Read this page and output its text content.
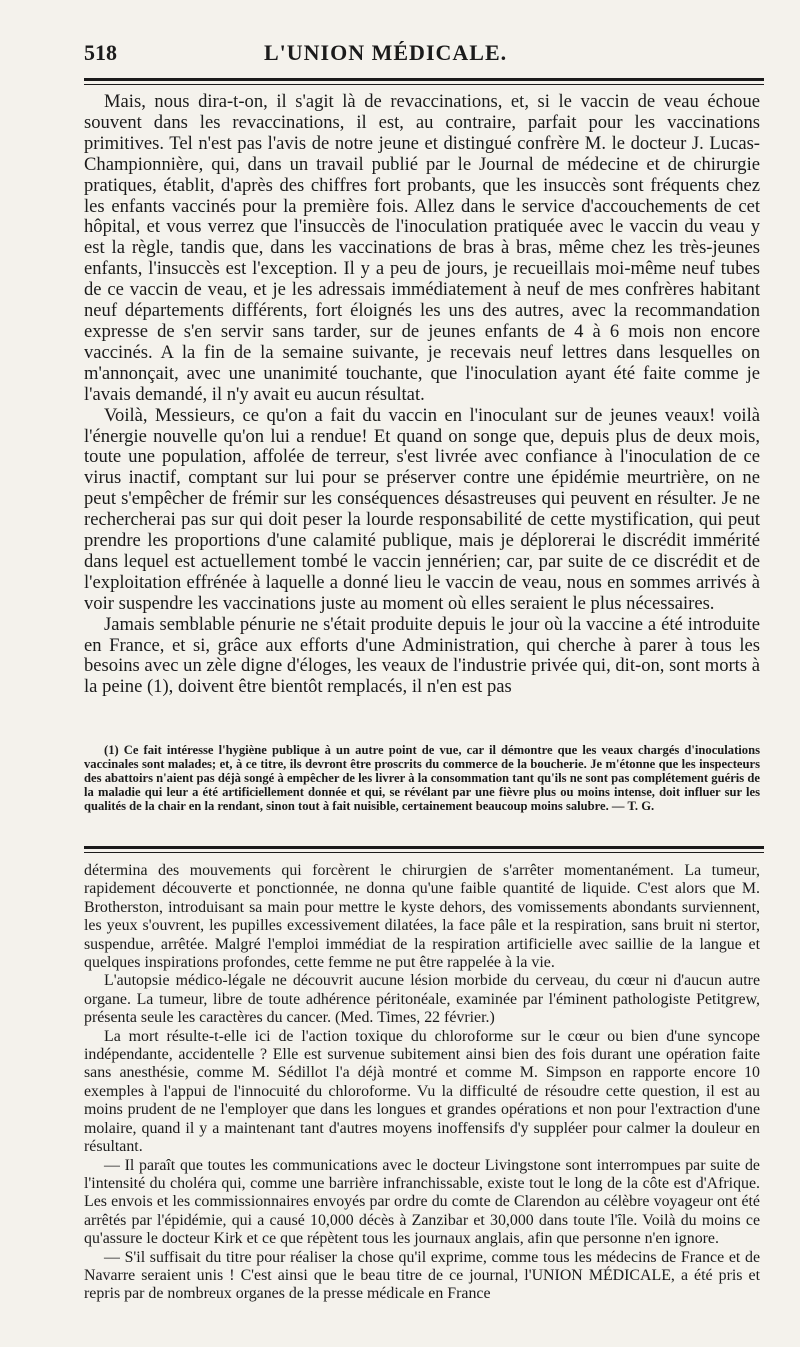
518	L'UNION MÉDICALE.

Mais, nous dira-t-on, il s'agit là de revaccinations, et, si le vaccin de veau échoue souvent dans les revaccinations, il est, au contraire, parfait pour les vaccinations primitives. Tel n'est pas l'avis de notre jeune et distingué confrère M. le docteur J. Lucas-Championnière, qui, dans un travail publié par le Journal de médecine et de chirurgie pratiques, établit, d'après des chiffres fort probants, que les insuccès sont fréquents chez les enfants vaccinés pour la première fois. Allez dans le service d'accouchements de cet hôpital, et vous verrez que l'insuccès de l'inoculation pratiquée avec le vaccin du veau y est la règle, tandis que, dans les vaccinations de bras à bras, même chez les très-jeunes enfants, l'insuccès est l'exception. Il y a peu de jours, je recueillais moi-même neuf tubes de ce vaccin de veau, et je les adressais immédiatement à neuf de mes confrères habitant neuf départements différents, fort éloignés les uns des autres, avec la recommandation expresse de s'en servir sans tarder, sur de jeunes enfants de 4 à 6 mois non encore vaccinés. A la fin de la semaine suivante, je recevais neuf lettres dans lesquelles on m'annonçait, avec une unanimité touchante, que l'inoculation ayant été faite comme je l'avais demandé, il n'y avait eu aucun résultat.

Voilà, Messieurs, ce qu'on a fait du vaccin en l'inoculant sur de jeunes veaux! voilà l'énergie nouvelle qu'on lui a rendue! Et quand on songe que, depuis plus de deux mois, toute une population, affolée de terreur, s'est livrée avec confiance à l'inoculation de ce virus inactif, comptant sur lui pour se préserver contre une épidémie meurtrière, on ne peut s'empêcher de frémir sur les conséquences désastreuses qui peuvent en résulter. Je ne rechercherai pas sur qui doit peser la lourde responsabilité de cette mystification, qui peut prendre les proportions d'une calamité publique, mais je déplorerai le discrédit immérité dans lequel est actuellement tombé le vaccin jennérien; car, par suite de ce discrédit et de l'exploitation effrénée à laquelle a donné lieu le vaccin de veau, nous en sommes arrivés à voir suspendre les vaccinations juste au moment où elles seraient le plus nécessaires.

Jamais semblable pénurie ne s'était produite depuis le jour où la vaccine a été introduite en France, et si, grâce aux efforts d'une Administration, qui cherche à parer à tous les besoins avec un zèle digne d'éloges, les veaux de l'industrie privée qui, dit-on, sont morts à la peine (1), doivent être bientôt remplacés, il n'en est pas

(1) Ce fait intéresse l'hygiène publique à un autre point de vue, car il démontre que les veaux chargés d'inoculations vaccinales sont malades; et, à ce titre, ils devront être proscrits du commerce de la boucherie. Je m'étonne que les inspecteurs des abattoirs n'aient pas déjà songé à empêcher de les livrer à la consommation tant qu'ils ne sont pas complétement guéris de la maladie qui leur a été artificiellement donnée et qui, se révélant par une fièvre plus ou moins intense, doit influer sur les qualités de la chair en la rendant, sinon tout à fait nuisible, certainement beaucoup moins salubre. — T. G.

détermina des mouvements qui forcèrent le chirurgien de s'arrêter momentanément. La tumeur, rapidement découverte et ponctionnée, ne donna qu'une faible quantité de liquide. C'est alors que M. Brotherston, introduisant sa main pour mettre le kyste dehors, des vomissements abondants surviennent, les yeux s'ouvrent, les pupilles excessivement dilatées, la face pâle et la respiration, sans bruit ni stertor, suspendue, arrêtée. Malgré l'emploi immédiat de la respiration artificielle avec saillie de la langue et quelques inspirations profondes, cette femme ne put être rappelée à la vie.

L'autopsie médico-légale ne découvrit aucune lésion morbide du cerveau, du cœur ni d'aucun autre organe. La tumeur, libre de toute adhérence péritonéale, examinée par l'éminent pathologiste Petitgrew, présenta seule les caractères du cancer. (Med. Times, 22 février.)

La mort résulte-t-elle ici de l'action toxique du chloroforme sur le cœur ou bien d'une syncope indépendante, accidentelle ? Elle est survenue subitement ainsi bien des fois durant une opération faite sans anesthésie, comme M. Sédillot l'a déjà montré et comme M. Simpson en rapporte encore 10 exemples à l'appui de l'innocuité du chloroforme. Vu la difficulté de résoudre cette question, il est au moins prudent de ne l'employer que dans les longues et grandes opérations et non pour l'extraction d'une molaire, quand il y a maintenant tant d'autres moyens inoffensifs d'y suppléer pour calmer la douleur en résultant.

— Il paraît que toutes les communications avec le docteur Livingstone sont interrompues par suite de l'intensité du choléra qui, comme une barrière infranchissable, existe tout le long de la côte est d'Afrique. Les envois et les commissionnaires envoyés par ordre du comte de Clarendon au célèbre voyageur ont été arrêtés par l'épidémie, qui a causé 10,000 décès à Zanzibar et 30,000 dans toute l'île. Voilà du moins ce qu'assure le docteur Kirk et ce que répètent tous les journaux anglais, afin que personne n'en ignore.

— S'il suffisait du titre pour réaliser la chose qu'il exprime, comme tous les médecins de France et de Navarre seraient unis ! C'est ainsi que le beau titre de ce journal, l'UNION MÉDICALE, a été pris et repris par de nombreux organes de la presse médicale en France
